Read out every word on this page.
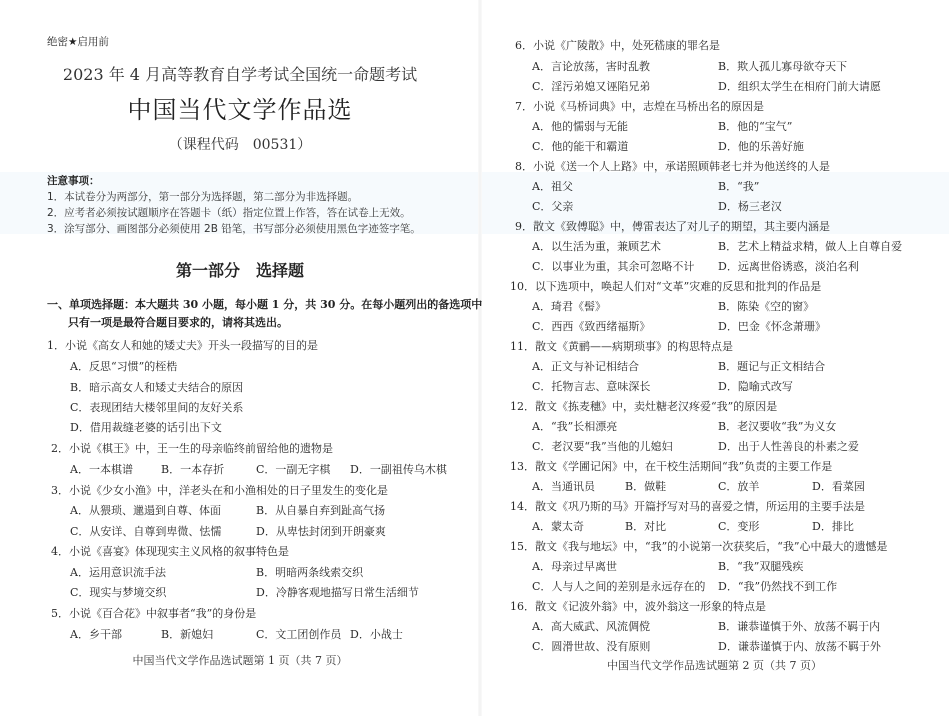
绝密★启用前
2023 年 4 月高等教育自学考试全国统一命题考试
中国当代文学作品选
（课程代码　00531）
注意事项：
1．本试卷分为两部分，第一部分为选择题，第二部分为非选择题。
2．应考者必须按试题顺序在答题卡（纸）指定位置上作答，答在试卷上无效。
3．涂写部分、画图部分必须使用 2B 铅笔，书写部分必须使用黑色字迹签字笔。
第一部分　选择题
一、单项选择题：本大题共 30 小题，每小题 1 分，共 30 分。在每小题列出的备选项中
只有一项是最符合题目要求的，请将其选出。
1．小说《高女人和她的矮丈夫》开头一段描写的目的是
A．反思“习惯”的桎梏
B．暗示高女人和矮丈夫结合的原因
C．表现团结大楼邻里间的友好关系
D．借用裁缝老婆的话引出下文
2．小说《棋王》中，王一生的母亲临终前留给他的遗物是
A．一本棋谱	B．一本存折	C．一副无字棋 D．一副祖传乌木棋
3．小说《少女小渔》中，洋老头在和小渔相处的日子里发生的变化是
A．从猥琐、邋遢到自尊、体面	B．从自暴自弃到趾高气扬
C．从安详、自尊到卑微、怯懦	D．从卑怯封闭到开朗豪爽
4．小说《喜宴》体现现实主义风格的叙事特色是
A．运用意识流手法	B．明暗两条线索交织
C．现实与梦境交织	D．冷静客观地描写日常生活细节
5．小说《百合花》中叙事者“我”的身份是
A．乡干部	B．新媳妇	C．文工团创作员 D．小战士
中国当代文学作品选试题第 1 页（共 7 页）
6．小说《广陵散》中，处死嵇康的罪名是
A．言论放荡，害时乱教	B．欺人孤儿寡母欲夺天下
C．淫污弟媳又诬陷兄弟	D．组织太学生在相府门前大请愿
7．小说《马桥词典》中，志煌在马桥出名的原因是
A．他的懦弱与无能	B．他的“宝气”
C．他的能干和霸道	D．他的乐善好施
8．小说《送一个人上路》中，承诺照顾韩老七并为他送终的人是
A．祖父	B．“我”
C．父亲	D．杨三老汉
9．散文《致傅聪》中，傅雷表达了对儿子的期望，其主要内涵是
A．以生活为重，兼顾艺术	B．艺术上精益求精，做人上自尊自爱
C．以事业为重，其余可忽略不计 D．远离世俗诱惑，淡泊名利
10．以下选项中，唤起人们对“文革”灾难的反思和批判的作品是
A．琦君《髻》	B．陈染《空的窗》
C．西西《致西绪福斯》	D．巴金《怀念萧珊》
11．散文《黄鹂——病期琐事》的构思特点是
A．正文与补记相结合	B．题记与正文相结合
C．托物言志、意味深长	D．隐喻式改写
12．散文《拣麦穗》中，卖灶糖老汉疼爱“我”的原因是
A．“我”长相漂亮	B．老汉要收“我”为义女
C．老汉要“我”当他的儿媳妇	D．出于人性善良的朴素之爱
13．散文《学圃记闲》中，在干校生活期间“我”负责的主要工作是
A．当通讯员	B．做鞋	C．放羊	D．看菜园
14．散文《巩乃斯的马》开篇抒写对马的喜爱之情，所运用的主要手法是
A．蒙太奇	B．对比	C．变形	D．排比
15．散文《我与地坛》中，“我”的小说第一次获奖后，“我”心中最大的遗憾是
A．母亲过早离世	B．“我”双腿残疾
C．人与人之间的差别是永远存在的 D．“我”仍然找不到工作
16．散文《记波外翁》中，波外翁这一形象的特点是
A．高大威武、风流倜傥	B．谦恭谨慎于外、放荡不羁于内
C．圆滑世故、没有原则	D．谦恭谨慎于内、放荡不羁于外
中国当代文学作品选试题第 2 页（共 7 页）
